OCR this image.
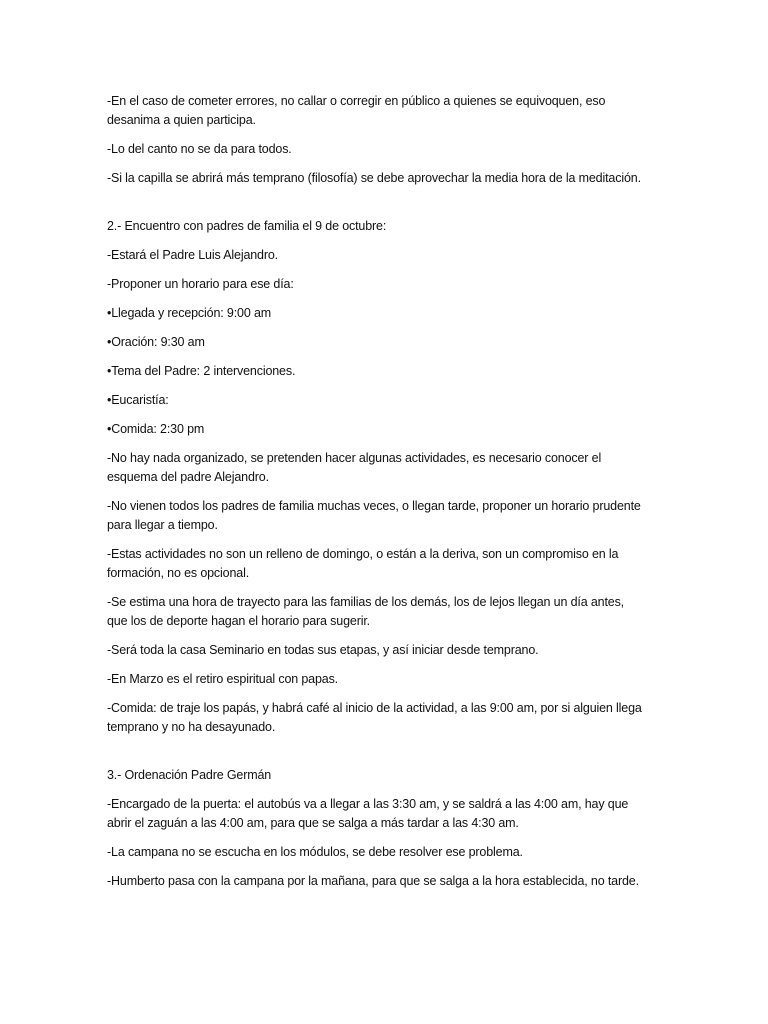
-En el caso de cometer errores, no callar o corregir en público a quienes se equivoquen, eso desanima a quien participa.

-Lo del canto no se da para todos.

-Si la capilla se abrirá más temprano (filosofía) se debe aprovechar la media hora de la meditación.

2.- Encuentro con padres de familia el 9 de octubre:

-Estará el Padre Luis Alejandro.

-Proponer un horario para ese día:

•Llegada y recepción: 9:00 am

•Oración: 9:30 am

•Tema del Padre: 2 intervenciones.

•Eucaristía:

•Comida: 2:30 pm

-No hay nada organizado, se pretenden hacer algunas actividades, es necesario conocer el esquema del padre Alejandro.

-No vienen todos los padres de familia muchas veces, o llegan tarde, proponer un horario prudente para llegar a tiempo.

-Estas actividades no son un relleno de domingo, o están a la deriva, son un compromiso en la formación, no es opcional.

-Se estima una hora de trayecto para las familias de los demás, los de lejos llegan un día antes, que los de deporte hagan el horario para sugerir.

-Será toda la casa Seminario en todas sus etapas, y así iniciar desde temprano.

-En Marzo es el retiro espiritual con papas.

-Comida: de traje los papás, y habrá café al inicio de la actividad, a las 9:00 am, por si alguien llega temprano y no ha desayunado.

3.- Ordenación Padre Germán

-Encargado de la puerta: el autobús va a llegar a las 3:30 am, y se saldrá a las 4:00 am, hay que abrir el zaguán a las 4:00 am, para que se salga a más tardar a las 4:30 am.

-La campana no se escucha en los módulos, se debe resolver ese problema.

-Humberto pasa con la campana por la mañana, para que se salga a la hora establecida, no tarde.
